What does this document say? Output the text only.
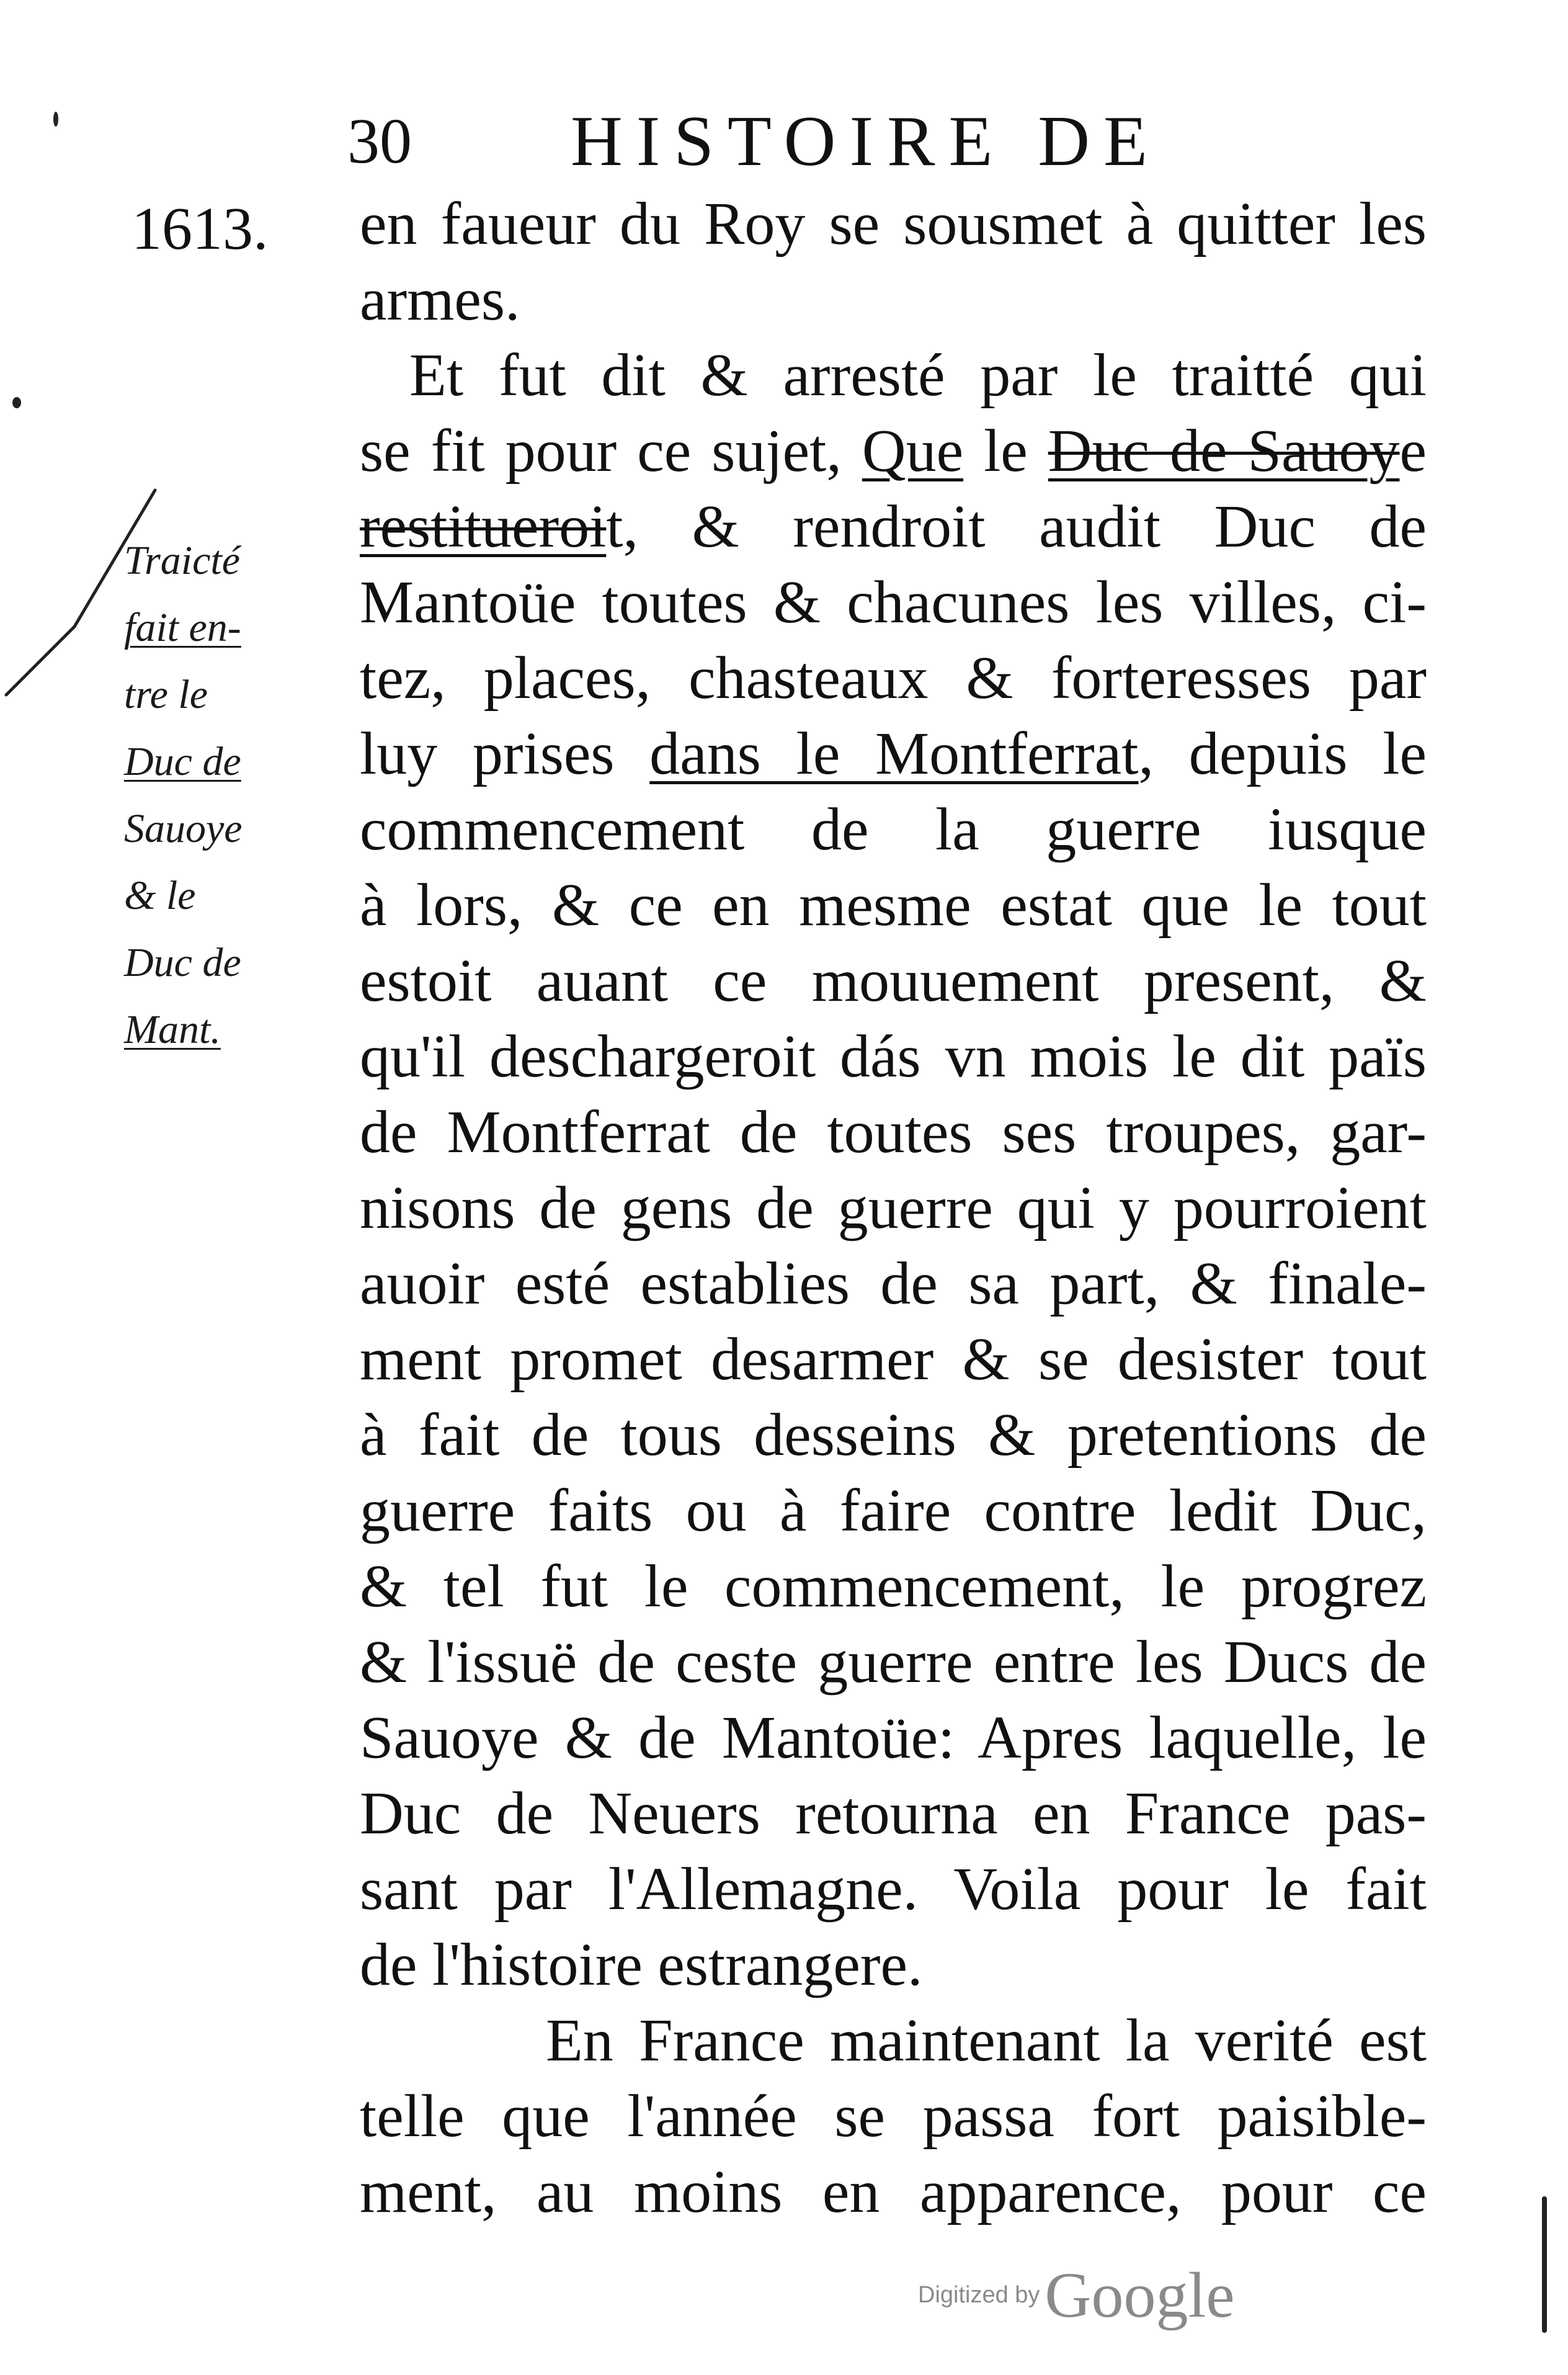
30 HISTOIRE DE
1613.
Traicté
fait en-
tre le
Duc de
Sauoye
& le
Duc de
Mant.
en faueur du Roy se sousmet à quitter les
armes.
Et fut dit & arresté par le traitté qui
se fit pour ce sujet, Que le Duc de Sauoye
restitueroit, & rendroit audit Duc de
Mantoüe toutes & chacunes les villes, ci-
tez, places, chasteaux & forteresses par
luy prises dans le Montferrat, depuis le
commencement de la guerre iusque
à lors, & ce en mesme estat que le tout
estoit auant ce mouuement present, &
qu'il deschargeroit dás vn mois le dit païs
de Montferrat de toutes ses troupes, gar-
nisons de gens de guerre qui y pourroient
auoir esté establies de sa part, & finale-
ment promet desarmer & se desister tout
à fait de tous desseins & pretentions de
guerre faits ou à faire contre ledit Duc,
& tel fut le commencement, le progrez
& l'issuë de ceste guerre entre les Ducs de
Sauoye & de Mantoüe: Apres laquelle, le
Duc de Neuers retourna en France pas-
sant par l'Allemagne. Voila pour le fait
de l'histoire estrangere.
En France maintenant la verité est
telle que l'année se passa fort paisible-
ment, au moins en apparence, pour ce
Digitized byGoogle
